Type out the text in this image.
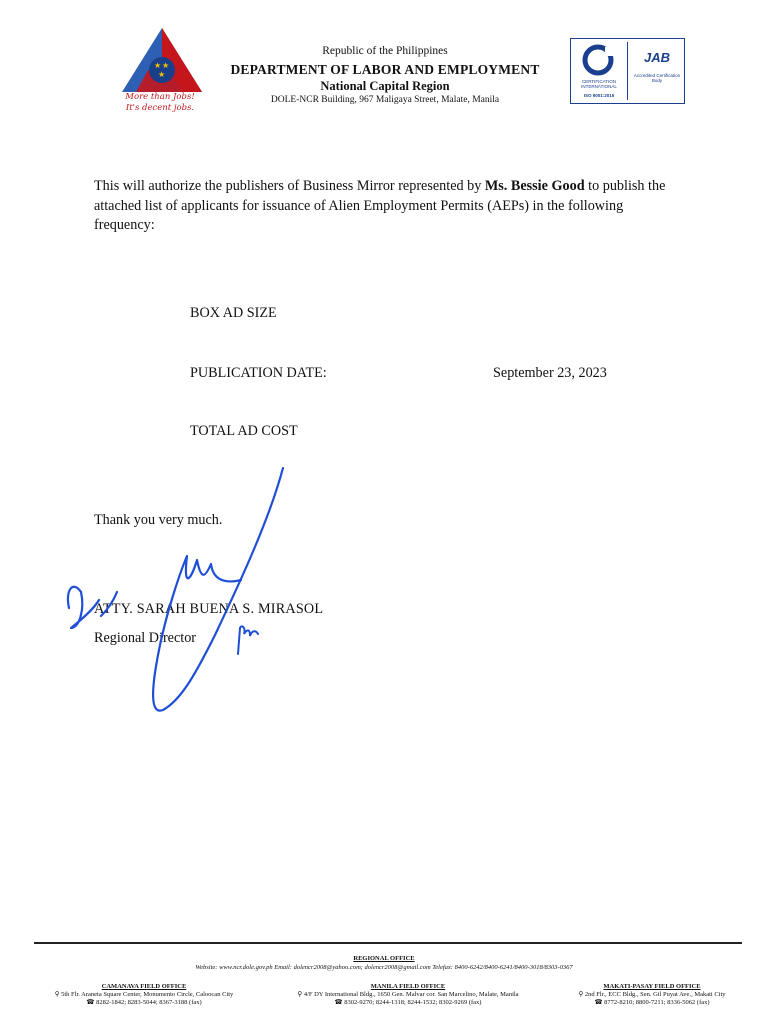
★ ★
★
More than Jobs!
It's decent jobs.
Republic of the Philippines
DEPARTMENT OF LABOR AND EMPLOYMENT
National Capital Region
DOLE-NCR Building, 967 Maligaya Street, Malate, Manila
CERTIFICATION INTERNATIONAL
ISO 9001:2015
JAB
Accredited Certification Body
This will authorize the publishers of Business Mirror represented by Ms. Bessie Good to publish the attached list of applicants for issuance of Alien Employment Permits (AEPs) in the following frequency:
BOX AD SIZE
PUBLICATION DATE:	September 23, 2023
TOTAL AD COST
Thank you very much.
ATTY. SARAH BUENA S. MIRASOL
Regional Director
REGIONAL OFFICE
Website: www.ncr.dole.gov.ph Email: dolencr2008@yahoo.com; dolencr2008@gmail.com Telefax: 8400-6242/8400-6241/8400-3018/8303-0367
CAMANAVA FIELD OFFICE
⚲ 5th Flr. Araneta Square Center, Monumento Circle, Caloocan City
☎ 8282-1842; 8283-5044; 8367-3188 (fax)
MANILA FIELD OFFICE
⚲ 4/F DY International Bldg., 1650 Gen. Malvar cor. San Marcelino, Malate, Manila
☎ 8302-9270; 8244-1318; 8244-1532; 8302-9269 (fax)
MAKATI-PASAY FIELD OFFICE
⚲ 2nd Flr., ECC Bldg., Sen. Gil Puyat Ave., Makati City
☎ 8772-8210; 8800-7211; 8336-5062 (fax)
